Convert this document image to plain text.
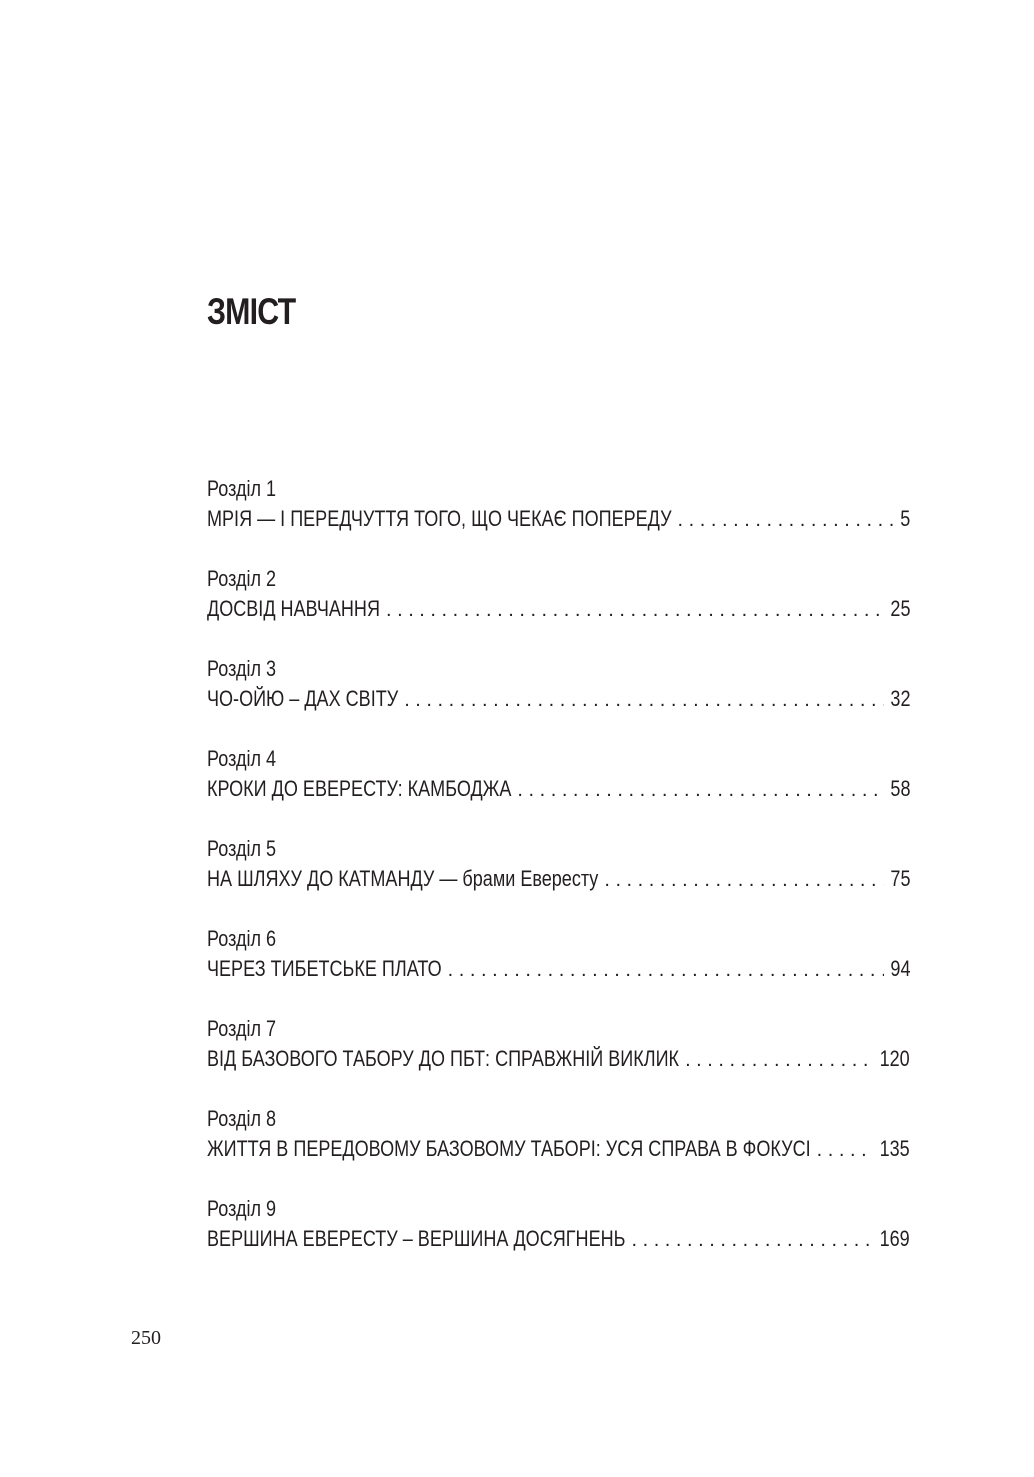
ЗМІСТ
Розділ 1
МРІЯ — І ПЕРЕДЧУТТЯ ТОГО, ЩО ЧЕКАЄ ПОПЕРЕДУ . . .	5
Розділ 2
ДОСВІД НАВЧАННЯ . . .	25
Розділ 3
ЧО-ОЙЮ – ДАХ СВІТУ . . .	32
Розділ 4
КРОКИ ДО ЕВЕРЕСТУ: КАМБОДЖА . . .	58
Розділ 5
НА ШЛЯХУ ДО КАТМАНДУ — брами Евересту . . .	75
Розділ 6
ЧЕРЕЗ ТИБЕТСЬКЕ ПЛАТО . . .	94
Розділ 7
ВІД БАЗОВОГО ТАБОРУ ДО ПБТ: СПРАВЖНІЙ ВИКЛИК . . .	120
Розділ 8
ЖИТТЯ В ПЕРЕДОВОМУ БАЗОВОМУ ТАБОРІ: УСЯ СПРАВА В ФОКУСІ . . .	135
Розділ 9
ВЕРШИНА ЕВЕРЕСТУ – ВЕРШИНА ДОСЯГНЕНЬ . . .	169
250
